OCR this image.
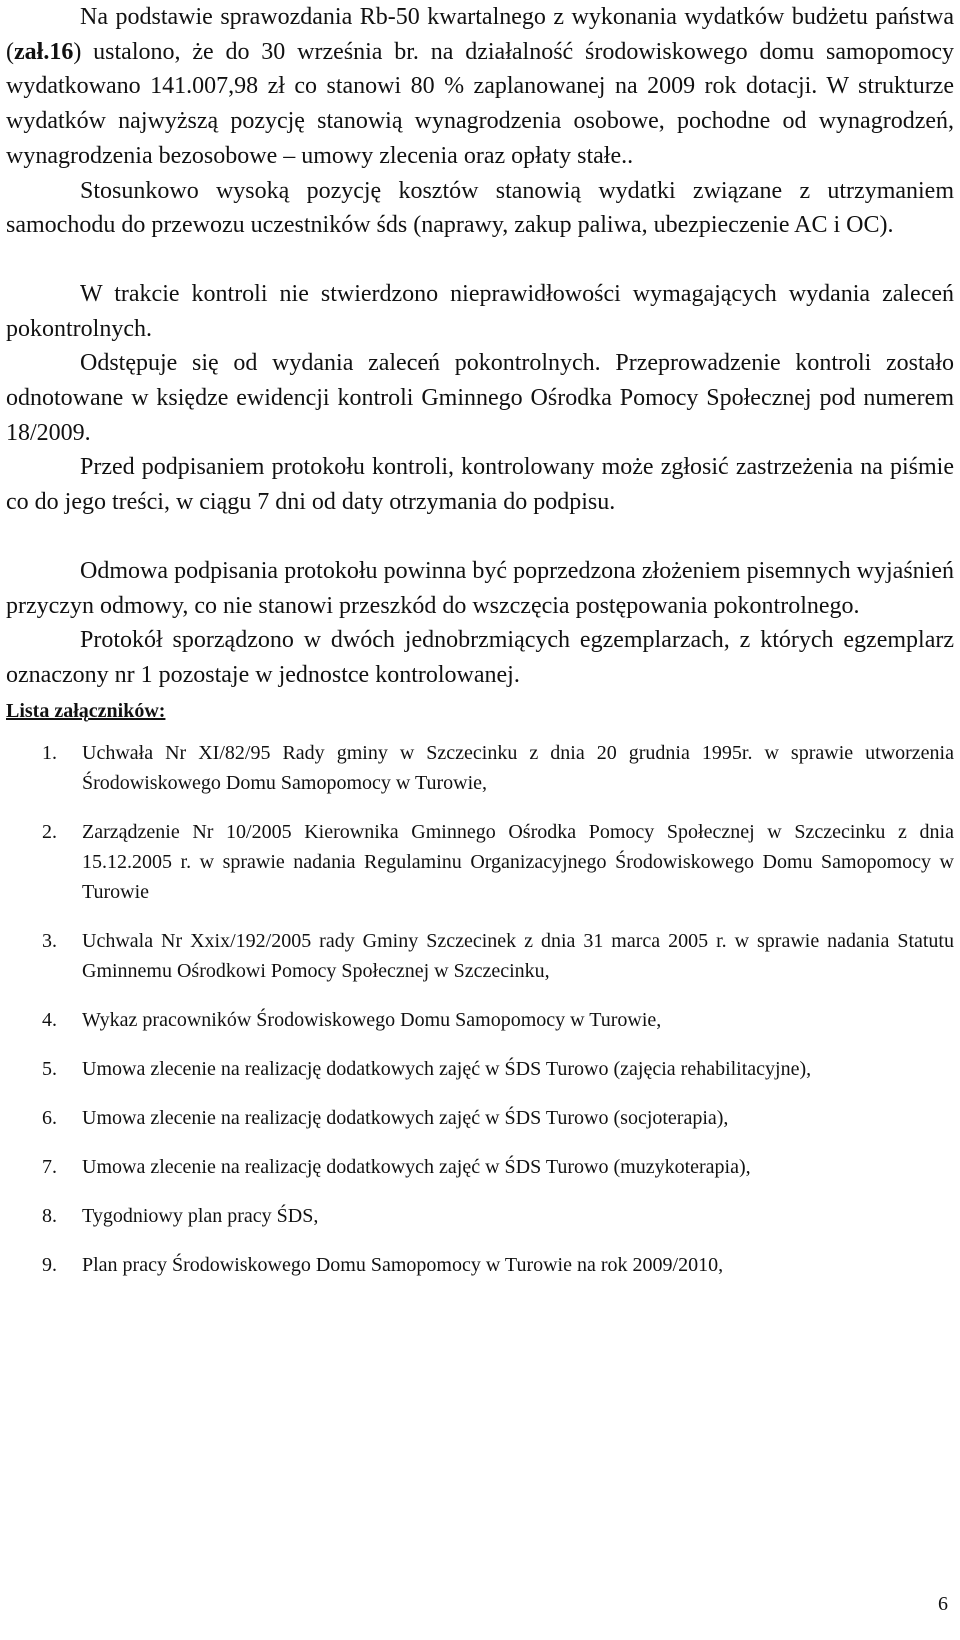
Na podstawie sprawozdania Rb-50 kwartalnego z wykonania wydatków budżetu państwa (zał.16) ustalono, że do 30 września br. na działalność środowiskowego domu samopomocy wydatkowano 141.007,98 zł co stanowi 80 % zaplanowanej na 2009 rok dotacji. W strukturze wydatków najwyższą pozycję stanowią wynagrodzenia osobowe, pochodne od wynagrodzeń, wynagrodzenia bezosobowe – umowy zlecenia oraz opłaty stałe..

Stosunkowo wysoką pozycję kosztów stanowią wydatki związane z utrzymaniem samochodu do przewozu uczestników śds (naprawy, zakup paliwa, ubezpieczenie AC i OC).

W trakcie kontroli nie stwierdzono nieprawidłowości wymagających wydania zaleceń pokontrolnych.

Odstępuje się od wydania zaleceń pokontrolnych. Przeprowadzenie kontroli zostało odnotowane w księdze ewidencji kontroli Gminnego Ośrodka Pomocy Społecznej pod numerem 18/2009.

Przed podpisaniem protokołu kontroli, kontrolowany może zgłosić zastrzeżenia na piśmie co do jego treści, w ciągu 7 dni od daty otrzymania do podpisu.

Odmowa podpisania protokołu powinna być poprzedzona złożeniem pisemnych wyjaśnień przyczyn odmowy, co nie stanowi przeszkód do wszczęcia postępowania pokontrolnego.

Protokół sporządzono w dwóch jednobrzmiących egzemplarzach, z których egzemplarz oznaczony nr 1 pozostaje w jednostce kontrolowanej.

Lista załączników:
1. Uchwała Nr XI/82/95 Rady gminy w Szczecinku z dnia 20 grudnia 1995r. w sprawie utworzenia Środowiskowego Domu Samopomocy w Turowie,
2. Zarządzenie Nr 10/2005 Kierownika Gminnego Ośrodka Pomocy Społecznej w Szczecinku z dnia 15.12.2005 r. w sprawie nadania Regulaminu Organizacyjnego Środowiskowego Domu Samopomocy w Turowie
3. Uchwala Nr Xxix/192/2005 rady Gminy Szczecinek z dnia 31 marca 2005 r. w sprawie nadania Statutu Gminnemu Ośrodkowi Pomocy Społecznej w Szczecinku,
4. Wykaz pracowników Środowiskowego Domu Samopomocy w Turowie,
5. Umowa zlecenie na realizację dodatkowych zajęć w ŚDS Turowo (zajęcia rehabilitacyjne),
6. Umowa zlecenie na realizację dodatkowych zajęć w ŚDS Turowo (socjoterapia),
7. Umowa zlecenie na realizację dodatkowych zajęć w ŚDS Turowo (muzykoterapia),
8. Tygodniowy plan pracy ŚDS,
9. Plan pracy Środowiskowego Domu Samopomocy w Turowie na rok 2009/2010,
6
